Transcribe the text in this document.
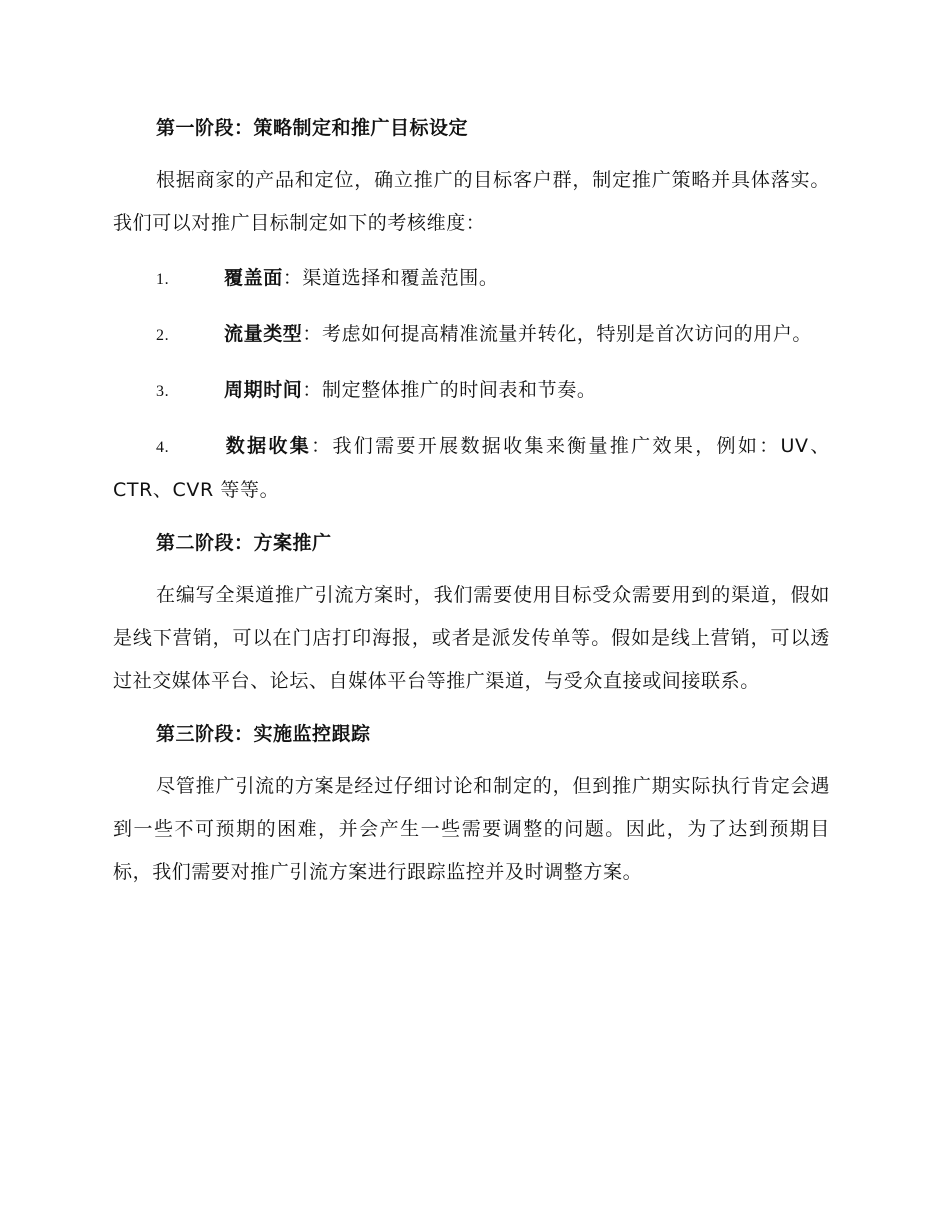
第一阶段：策略制定和推广目标设定

根据商家的产品和定位，确立推广的目标客户群，制定推广策略并具体落实。我们可以对推广目标制定如下的考核维度：

1.	覆盖面：渠道选择和覆盖范围。

2.	流量类型：考虑如何提高精准流量并转化，特别是首次访问的用户。

3.	周期时间：制定整体推广的时间表和节奏。

4.	数据收集：我们需要开展数据收集来衡量推广效果，例如：UV、CTR、CVR 等等。

第二阶段：方案推广

在编写全渠道推广引流方案时，我们需要使用目标受众需要用到的渠道，假如是线下营销，可以在门店打印海报，或者是派发传单等。假如是线上营销，可以透过社交媒体平台、论坛、自媒体平台等推广渠道，与受众直接或间接联系。

第三阶段：实施监控跟踪

尽管推广引流的方案是经过仔细讨论和制定的，但到推广期实际执行肯定会遇到一些不可预期的困难，并会产生一些需要调整的问题。因此，为了达到预期目标，我们需要对推广引流方案进行跟踪监控并及时调整方案。
